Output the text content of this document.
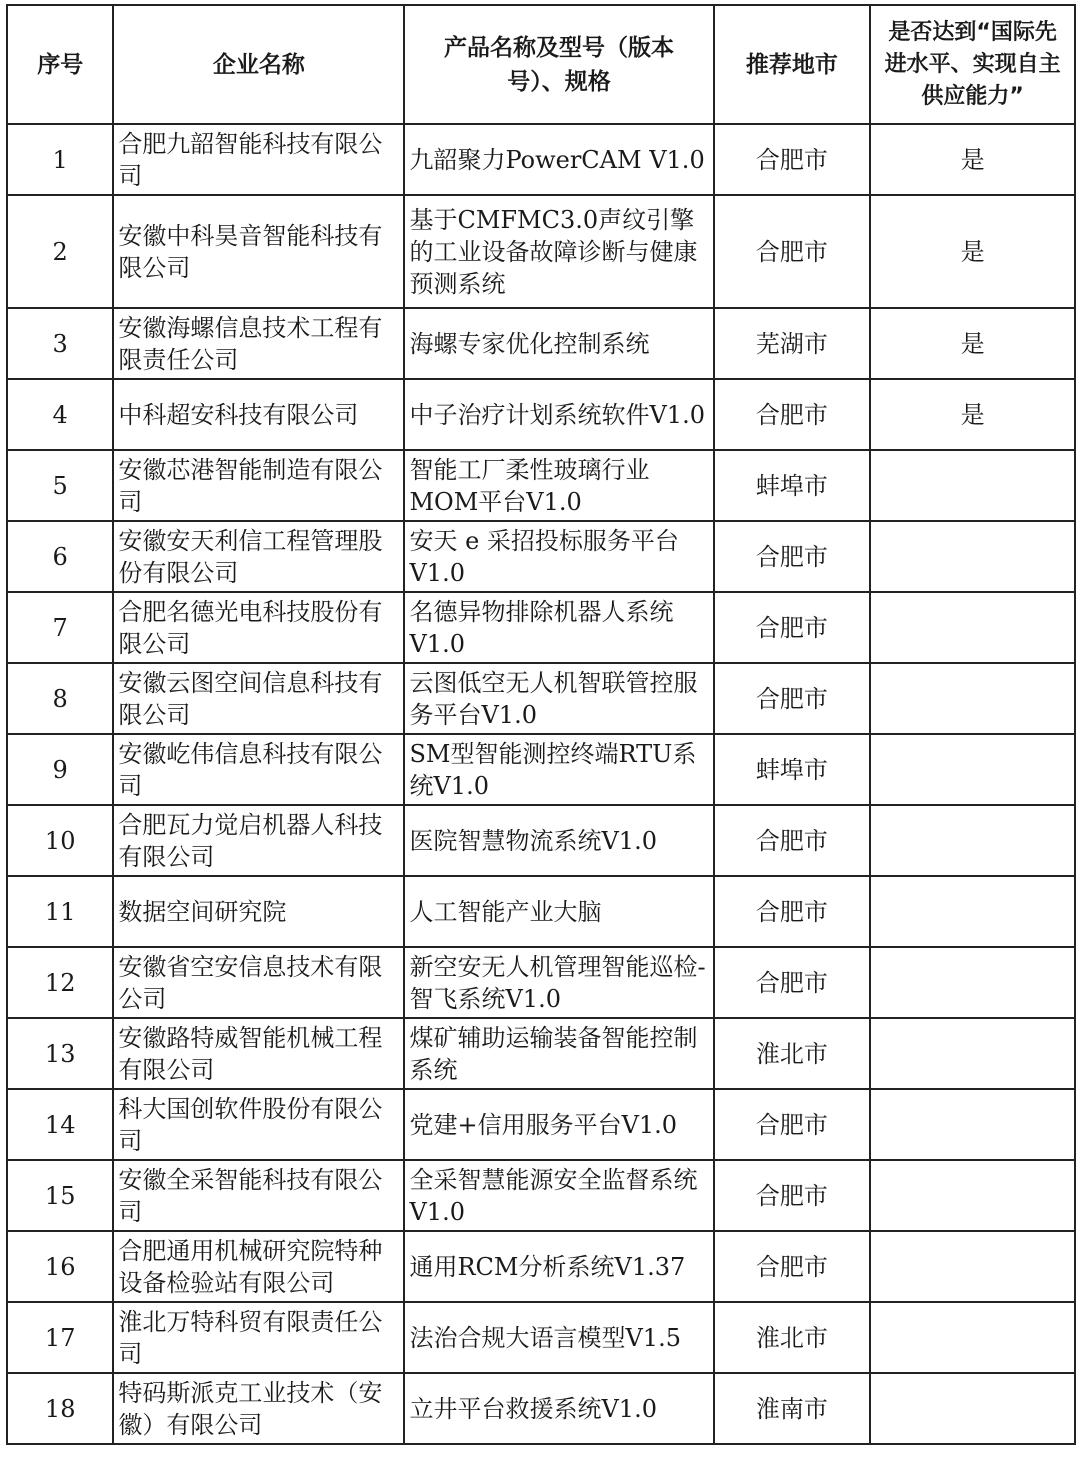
序号	企业名称	产品名称及型号（版本号）、规格	推荐地市	是否达到“国际先进水平、实现自主供应能力”
1	合肥九韶智能科技有限公司	九韶聚力PowerCAM V1.0	合肥市	是
2	安徽中科昊音智能科技有限公司	基于CMFMC3.0声纹引擎的工业设备故障诊断与健康预测系统	合肥市	是
3	安徽海螺信息技术工程有限责任公司	海螺专家优化控制系统	芜湖市	是
4	中科超安科技有限公司	中子治疗计划系统软件V1.0	合肥市	是
5	安徽芯港智能制造有限公司	智能工厂柔性玻璃行业MOM平台V1.0	蚌埠市	
6	安徽安天利信工程管理股份有限公司	安天 e 采招投标服务平台V1.0	合肥市	
7	合肥名德光电科技股份有限公司	名德异物排除机器人系统V1.0	合肥市	
8	安徽云图空间信息科技有限公司	云图低空无人机智联管控服务平台V1.0	合肥市	
9	安徽屹伟信息科技有限公司	SM型智能测控终端RTU系统V1.0	蚌埠市	
10	合肥瓦力觉启机器人科技有限公司	医院智慧物流系统V1.0	合肥市	
11	数据空间研究院	人工智能产业大脑	合肥市	
12	安徽省空安信息技术有限公司	新空安无人机管理智能巡检-智飞系统V1.0	合肥市	
13	安徽路特威智能机械工程有限公司	煤矿辅助运输装备智能控制系统	淮北市	
14	科大国创软件股份有限公司	党建+信用服务平台V1.0	合肥市	
15	安徽全采智能科技有限公司	全采智慧能源安全监督系统V1.0	合肥市	
16	合肥通用机械研究院特种设备检验站有限公司	通用RCM分析系统V1.37	合肥市	
17	淮北万特科贸有限责任公司	法治合规大语言模型V1.5	淮北市	
18	特码斯派克工业技术（安徽）有限公司	立井平台救援系统V1.0	淮南市	
